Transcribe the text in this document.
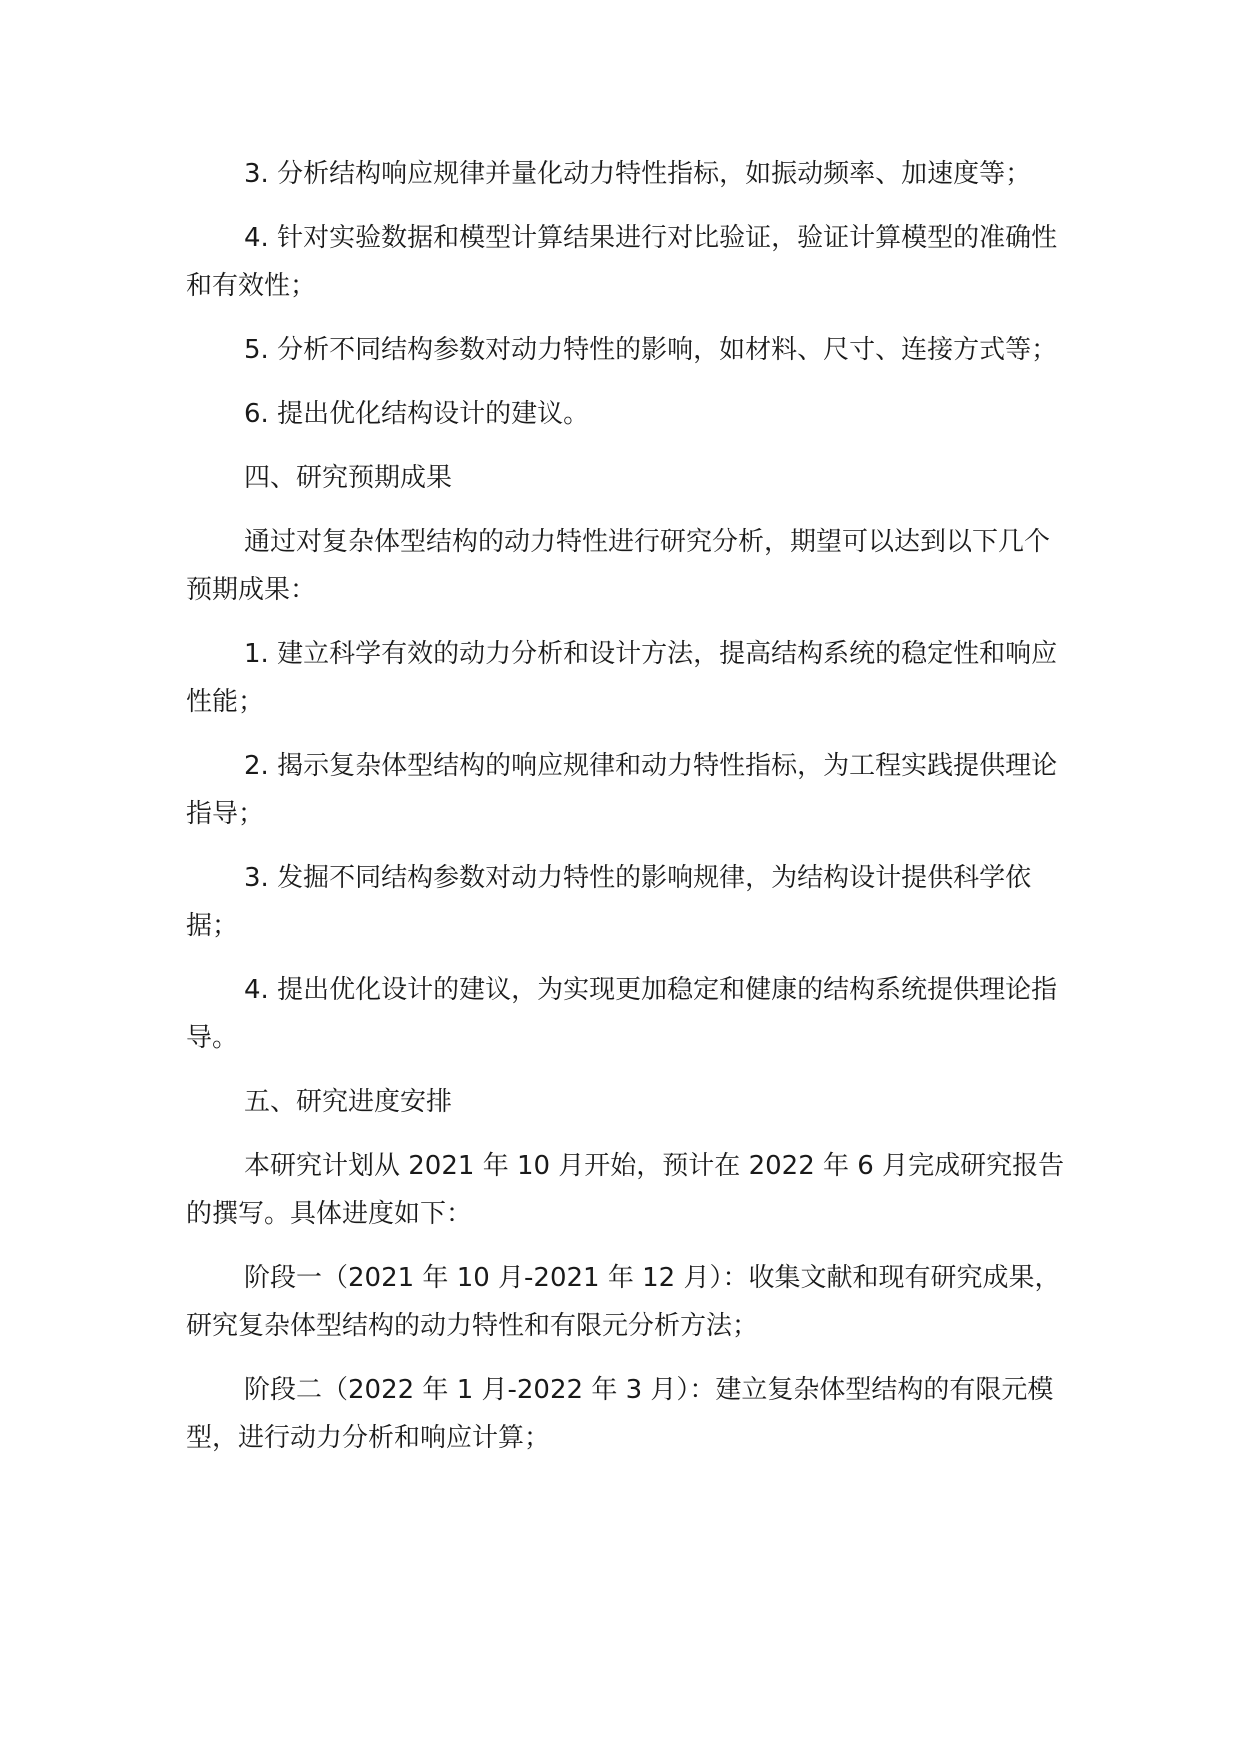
3. 分析结构响应规律并量化动力特性指标，如振动频率、加速度等；

4. 针对实验数据和模型计算结果进行对比验证，验证计算模型的准确性和有效性；

5. 分析不同结构参数对动力特性的影响，如材料、尺寸、连接方式等；

6. 提出优化结构设计的建议。

四、研究预期成果

通过对复杂体型结构的动力特性进行研究分析，期望可以达到以下几个预期成果：

1. 建立科学有效的动力分析和设计方法，提高结构系统的稳定性和响应性能；

2. 揭示复杂体型结构的响应规律和动力特性指标，为工程实践提供理论指导；

3. 发掘不同结构参数对动力特性的影响规律，为结构设计提供科学依据；

4. 提出优化设计的建议，为实现更加稳定和健康的结构系统提供理论指导。

五、研究进度安排

本研究计划从 2021 年 10 月开始，预计在 2022 年 6 月完成研究报告的撰写。具体进度如下：

阶段一（2021 年 10 月-2021 年 12 月）：收集文献和现有研究成果，研究复杂体型结构的动力特性和有限元分析方法；

阶段二（2022 年 1 月-2022 年 3 月）：建立复杂体型结构的有限元模型，进行动力分析和响应计算；
